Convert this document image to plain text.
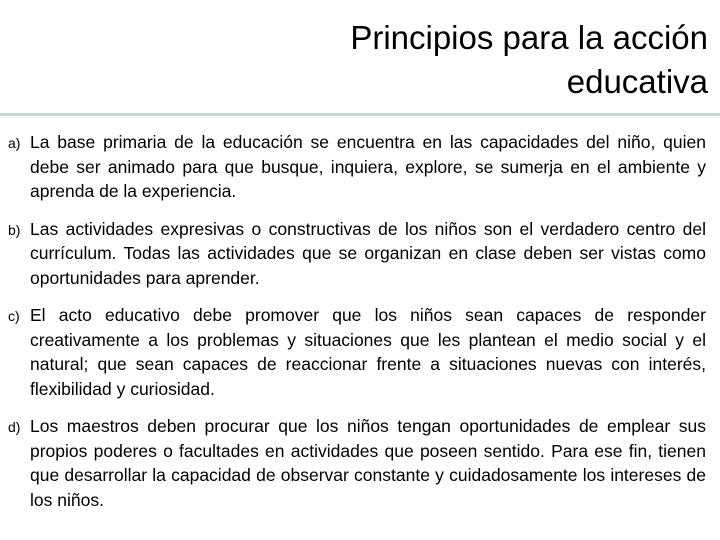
Principios para la acción
educativa
a) La base primaria de la educación se encuentra en las capacidades del niño, quien debe ser animado para que busque, inquiera, explore, se sumerja en el ambiente y aprenda de la experiencia.
b) Las actividades expresivas o constructivas de los niños son el verdadero centro del currículum. Todas las actividades que se organizan en clase deben ser vistas como oportunidades para aprender.
c) El acto educativo debe promover que los niños sean capaces de responder creativamente a los problemas y situaciones que les plantean el medio social y el natural; que sean capaces de reaccionar frente a situaciones nuevas con interés, flexibilidad y curiosidad.
d) Los maestros deben procurar que los niños tengan oportunidades de emplear sus propios poderes o facultades en actividades que poseen sentido. Para ese fin, tienen que desarrollar la capacidad de observar constante y cuidadosamente los intereses de los niños.
